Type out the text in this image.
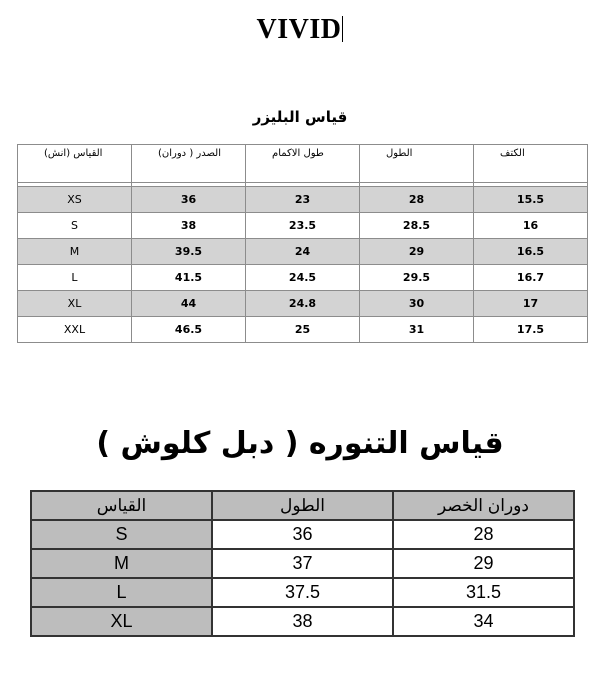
VIVID
قياس البليزر
القياس (انش)	الصدر ( دوران)	طول الاكمام	الطول	الكتف

XS	36	23	28	15.5
S	38	23.5	28.5	16
M	39.5	24	29	16.5
L	41.5	24.5	29.5	16.7
XL	44	24.8	30	17
XXL	46.5	25	31	17.5
قياس التنوره ( دبل كلوش )
القياس	الطول	دوران الخصر
S	36	28
M	37	29
L	37.5	31.5
XL	38	34
